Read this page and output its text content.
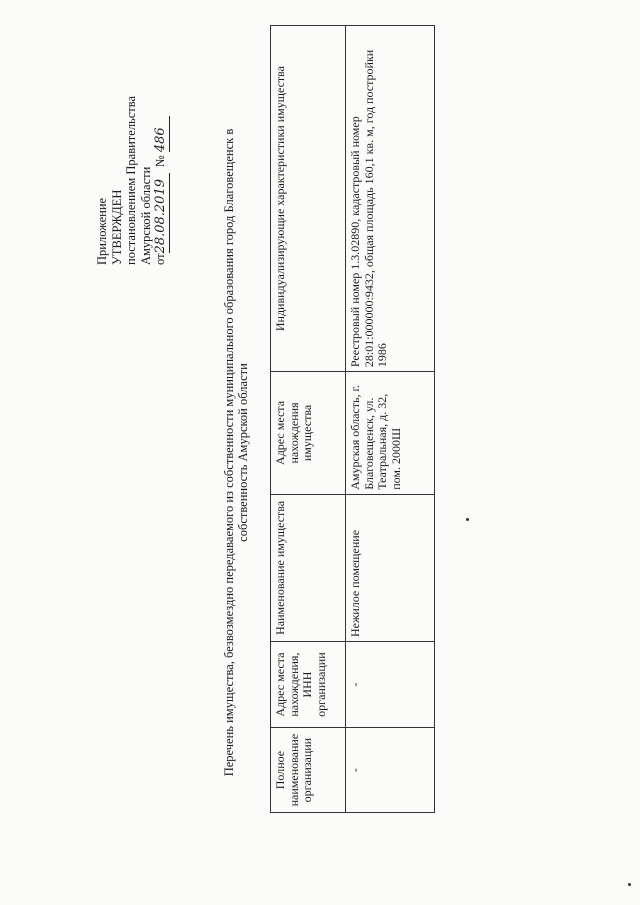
Приложение УТВЕРЖДЕН постановлением Правительства Амурской области от28.08.2019  № 486	Перечень имущества, безвозмездно передаваемого из собственности муниципального образования город Благовещенск в собственность Амурской области
Полное наименование организации	Адрес места нахождения, ИНН организации	Наименование имущества	Адрес места нахождения имущества	Индивидуализирующие характеристики имущества
-	-	Нежилое помещение	Амурская область, г. Благовещенск, ул. Театральная, д. 32, пом. 2000Ш	Реестровый номер 1.3.02890, кадастровый номер 28:01:000000:9432, общая площадь 160,1 кв. м, год постройки 1986
